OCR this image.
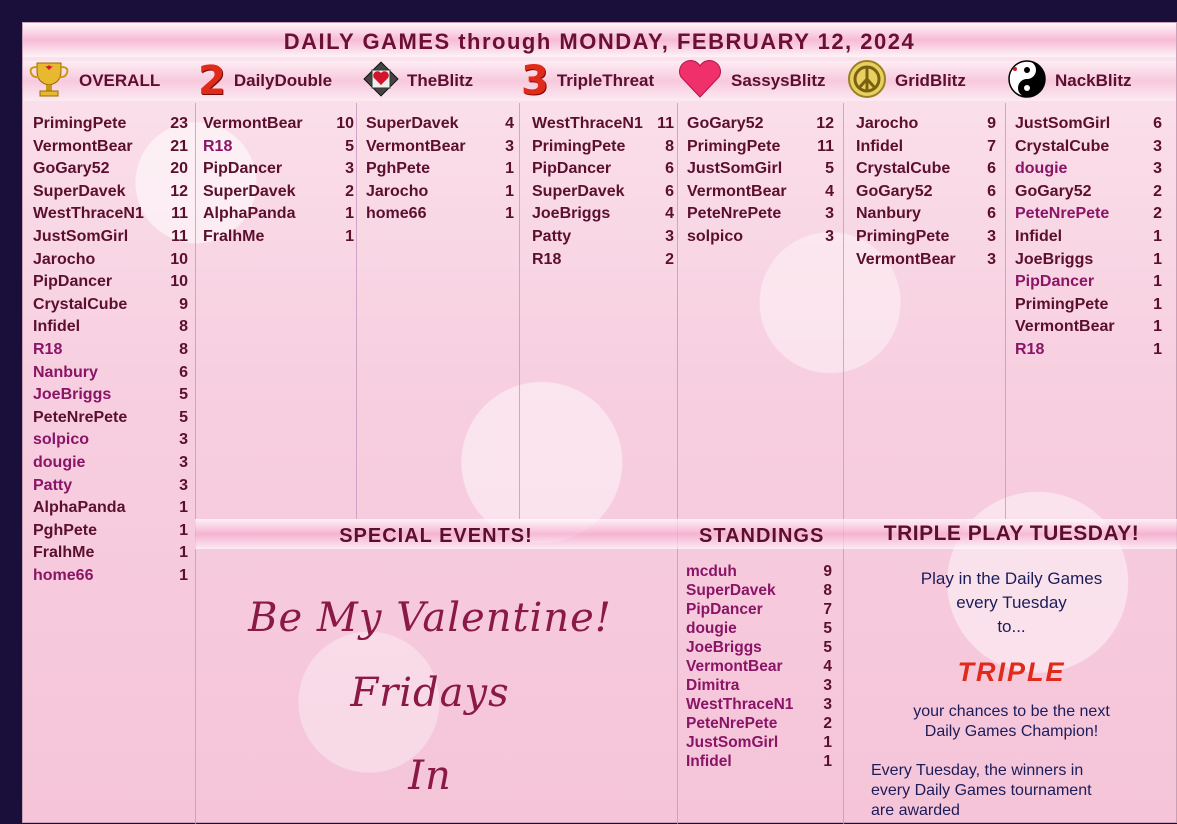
DAILY GAMES through MONDAY, FEBRUARY 12, 2024
OVERALL 2 DailyDouble	TheBlitz 3 TripleThreat	SassysBlitz	GridBlitz	NackBlitz
PrimingPete	23
VermontBear 21
GoGary52	20
SuperDavek	12
WestThraceN1 11
JustSomGirl	11
Jarocho	10
PipDancer	10
CrystalCube	9
Infidel	8
R18	8
Nanbury	6
JoeBriggs	5
PeteNrePete	5
solpico	3
dougie	3
Patty	3
AlphaPanda	1
PghPete	1
FralhMe	1
home66	1
VermontBear 10
R18	5
PipDancer	3
SuperDavek	2
AlphaPanda	1
FralhMe	1
SuperDavek	4
VermontBear 3
PghPete	1
Jarocho	1
home66	1
WestThraceN1 11
PrimingPete 8
PipDancer	6
SuperDavek	6
JoeBriggs	4
Patty	3
R18	2
GoGary52	12
PrimingPete 11
JustSomGirl	5
VermontBear 4
PeteNrePete	3
solpico	3
Jarocho	9
Infidel	7
CrystalCube 6
GoGary52	6
Nanbury	6
PrimingPete 3
VermontBear 3
JustSomGirl	6
CrystalCube	3
dougie	3
GoGary52	2
PeteNrePete	2
Infidel	1
JoeBriggs	1
PipDancer	1
PrimingPete	1
VermontBear 1
R18	1
SPECIAL EVENTS!
Be My Valentine!
Fridays
In
STANDINGS
mcduh	9
SuperDavek	8
PipDancer	7
dougie	5
JoeBriggs	5
VermontBear	4
Dimitra	3
WestThraceN1 3
PeteNrePete	2
JustSomGirl	1
Infidel	1
TRIPLE PLAY TUESDAY!
Play in the Daily Games
every Tuesday
to...
TRIPLE
your chances to be the next
Daily Games Champion!
Every Tuesday, the winners in
every Daily Games tournament
are awarded
